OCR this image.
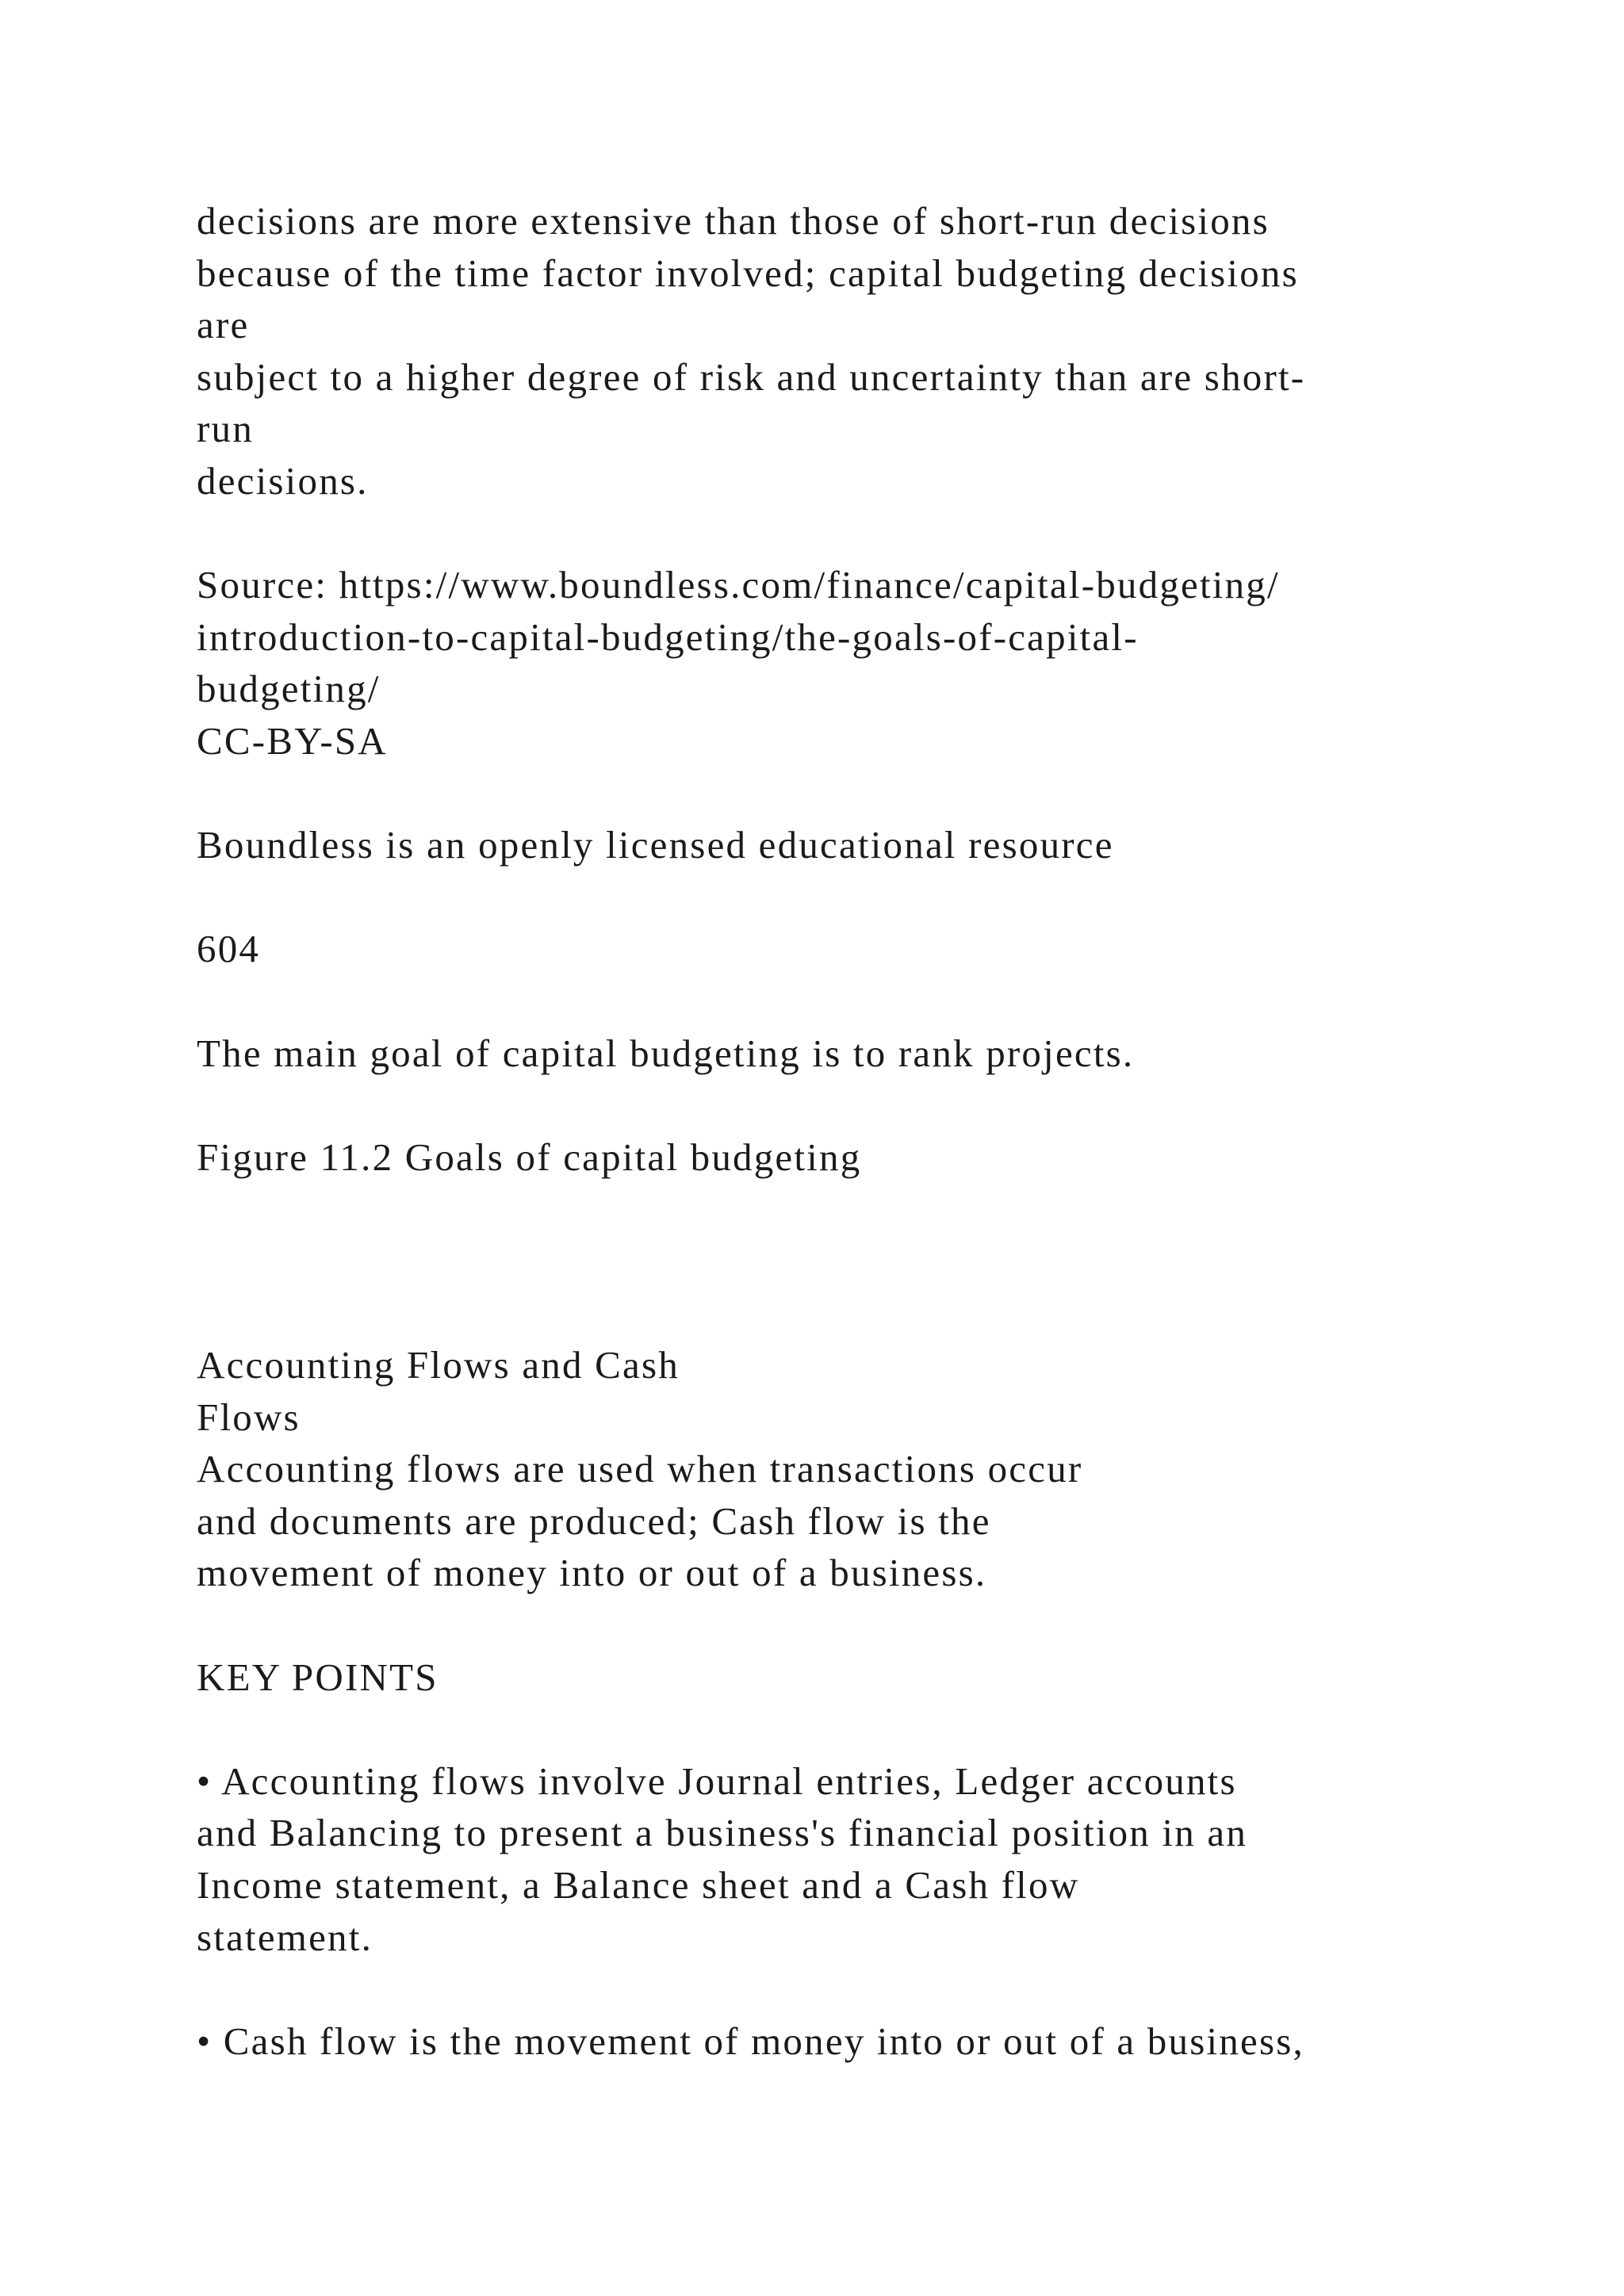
decisions are more extensive than those of short-run decisions
because of the time factor involved; capital budgeting decisions
are
subject to a higher degree of risk and uncertainty than are short-
run
decisions.
Source: https://www.boundless.com/finance/capital-budgeting/
introduction-to-capital-budgeting/the-goals-of-capital-
budgeting/
CC-BY-SA
Boundless is an openly licensed educational resource
604
The main goal of capital budgeting is to rank projects.
Figure 11.2 Goals of capital budgeting
Accounting Flows and Cash
Flows
Accounting flows are used when transactions occur
and documents are produced; Cash flow is the
movement of money into or out of a business.
KEY POINTS
• Accounting flows involve Journal entries, Ledger accounts
and Balancing to present a business's financial position in an
Income statement, a Balance sheet and a Cash flow
statement.
• Cash flow is the movement of money into or out of a business,
